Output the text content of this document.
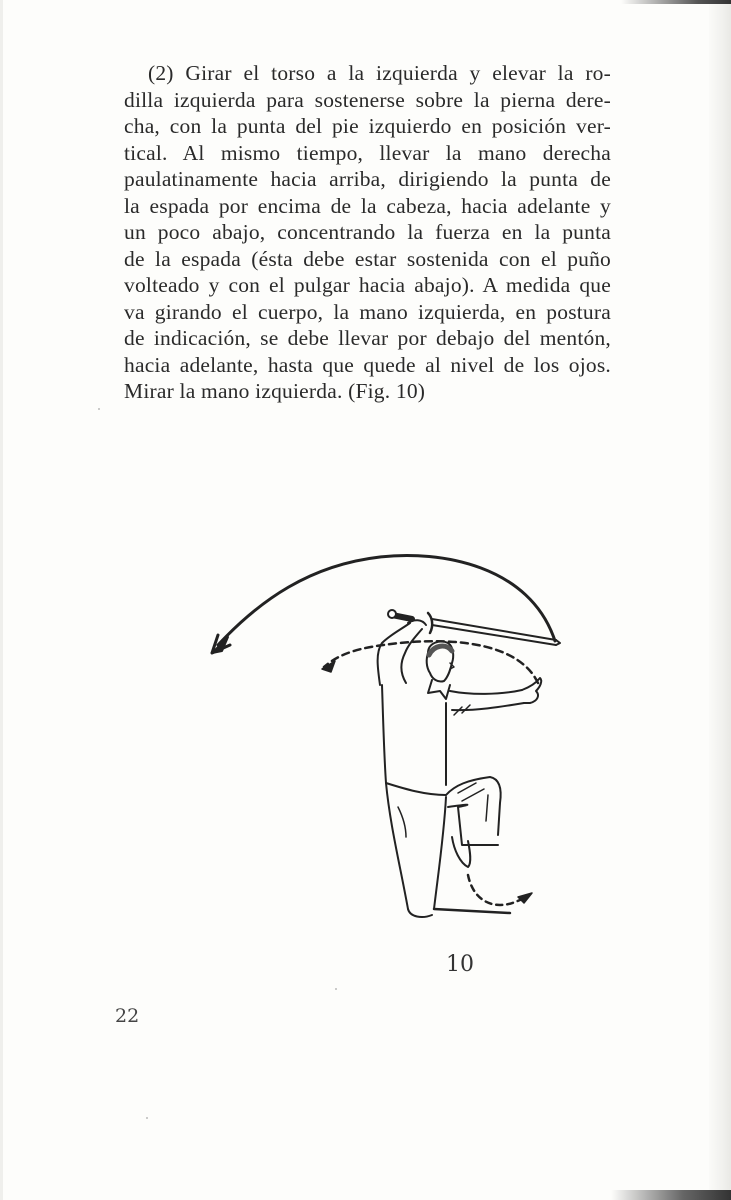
(2) Girar el torso a la izquierda y elevar la ro-
dilla izquierda para sostenerse sobre la pierna dere-
cha, con la punta del pie izquierdo en posición ver-
tical. Al mismo tiempo, llevar la mano derecha
paulatinamente hacia arriba, dirigiendo la punta de
la espada por encima de la cabeza, hacia adelante y
un poco abajo, concentrando la fuerza en la punta
de la espada (ésta debe estar sostenida con el puño
volteado y con el pulgar hacia abajo). A medida que
va girando el cuerpo, la mano izquierda, en postura
de indicación, se debe llevar por debajo del mentón,
hacia adelante, hasta que quede al nivel de los ojos.
Mirar la mano izquierda. (Fig. 10)
10
22
